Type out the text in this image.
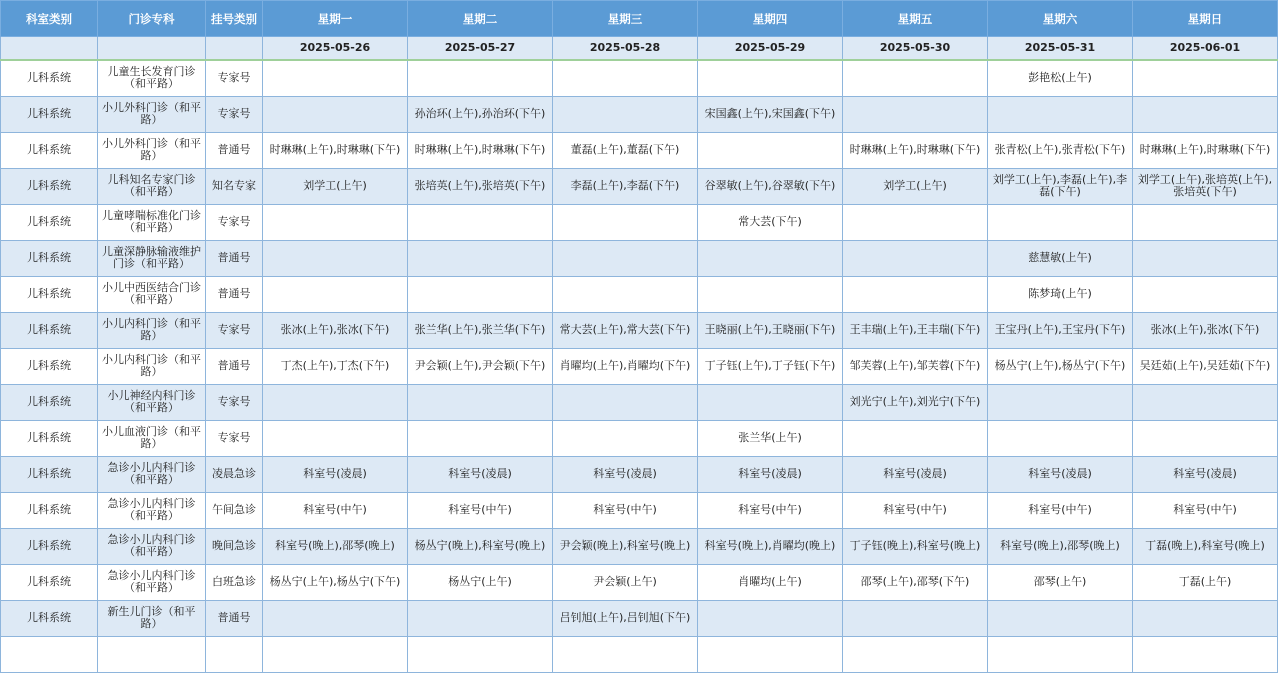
科室类别	门诊专科	挂号类别	星期一	星期二	星期三	星期四	星期五	星期六	星期日
			2025-05-26	2025-05-27	2025-05-28	2025-05-29	2025-05-30	2025-05-31	2025-06-01
儿科系统	儿童生长发育门诊（和平路）	专家号						彭艳松(上午)	
儿科系统	小儿外科门诊（和平路）	专家号		孙治环(上午),孙治环(下午)		宋国鑫(上午),宋国鑫(下午)			
儿科系统	小儿外科门诊（和平路）	普通号	时琳琳(上午),时琳琳(下午)	时琳琳(上午),时琳琳(下午)	董磊(上午),董磊(下午)		时琳琳(上午),时琳琳(下午)	张青松(上午),张青松(下午)	时琳琳(上午),时琳琳(下午)
儿科系统	儿科知名专家门诊（和平路）	知名专家	刘学工(上午)	张培英(上午),张培英(下午)	李磊(上午),李磊(下午)	谷翠敏(上午),谷翠敏(下午)	刘学工(上午)	刘学工(上午),李磊(上午),李磊(下午)	刘学工(上午),张培英(上午),张培英(下午)
儿科系统	儿童哮喘标准化门诊（和平路）	专家号				常大芸(下午)			
儿科系统	儿童深静脉输液维护门诊（和平路）	普通号						慈慧敏(上午)	
儿科系统	小儿中西医结合门诊（和平路）	普通号						陈梦琦(上午)	
儿科系统	小儿内科门诊（和平路）	专家号	张冰(上午),张冰(下午)	张兰华(上午),张兰华(下午)	常大芸(上午),常大芸(下午)	王晓丽(上午),王晓丽(下午)	王丰瑞(上午),王丰瑞(下午)	王宝丹(上午),王宝丹(下午)	张冰(上午),张冰(下午)
儿科系统	小儿内科门诊（和平路）	普通号	丁杰(上午),丁杰(下午)	尹会颖(上午),尹会颖(下午)	肖曜均(上午),肖曜均(下午)	丁子钰(上午),丁子钰(下午)	邹芙蓉(上午),邹芙蓉(下午)	杨丛宁(上午),杨丛宁(下午)	吴廷茹(上午),吴廷茹(下午)
儿科系统	小儿神经内科门诊（和平路）	专家号					刘光宁(上午),刘光宁(下午)		
儿科系统	小儿血液门诊（和平路）	专家号				张兰华(上午)			
儿科系统	急诊小儿内科门诊（和平路）	凌晨急诊	科室号(凌晨)	科室号(凌晨)	科室号(凌晨)	科室号(凌晨)	科室号(凌晨)	科室号(凌晨)	科室号(凌晨)
儿科系统	急诊小儿内科门诊（和平路）	午间急诊	科室号(中午)	科室号(中午)	科室号(中午)	科室号(中午)	科室号(中午)	科室号(中午)	科室号(中午)
儿科系统	急诊小儿内科门诊（和平路）	晚间急诊	科室号(晚上),邵琴(晚上)	杨丛宁(晚上),科室号(晚上)	尹会颖(晚上),科室号(晚上)	科室号(晚上),肖曜均(晚上)	丁子钰(晚上),科室号(晚上)	科室号(晚上),邵琴(晚上)	丁磊(晚上),科室号(晚上)
儿科系统	急诊小儿内科门诊（和平路）	白班急诊	杨丛宁(上午),杨丛宁(下午)	杨丛宁(上午)	尹会颖(上午)	肖曜均(上午)	邵琴(上午),邵琴(下午)	邵琴(上午)	丁磊(上午)
儿科系统	新生儿门诊（和平路）	普通号			吕钊旭(上午),吕钊旭(下午)				
